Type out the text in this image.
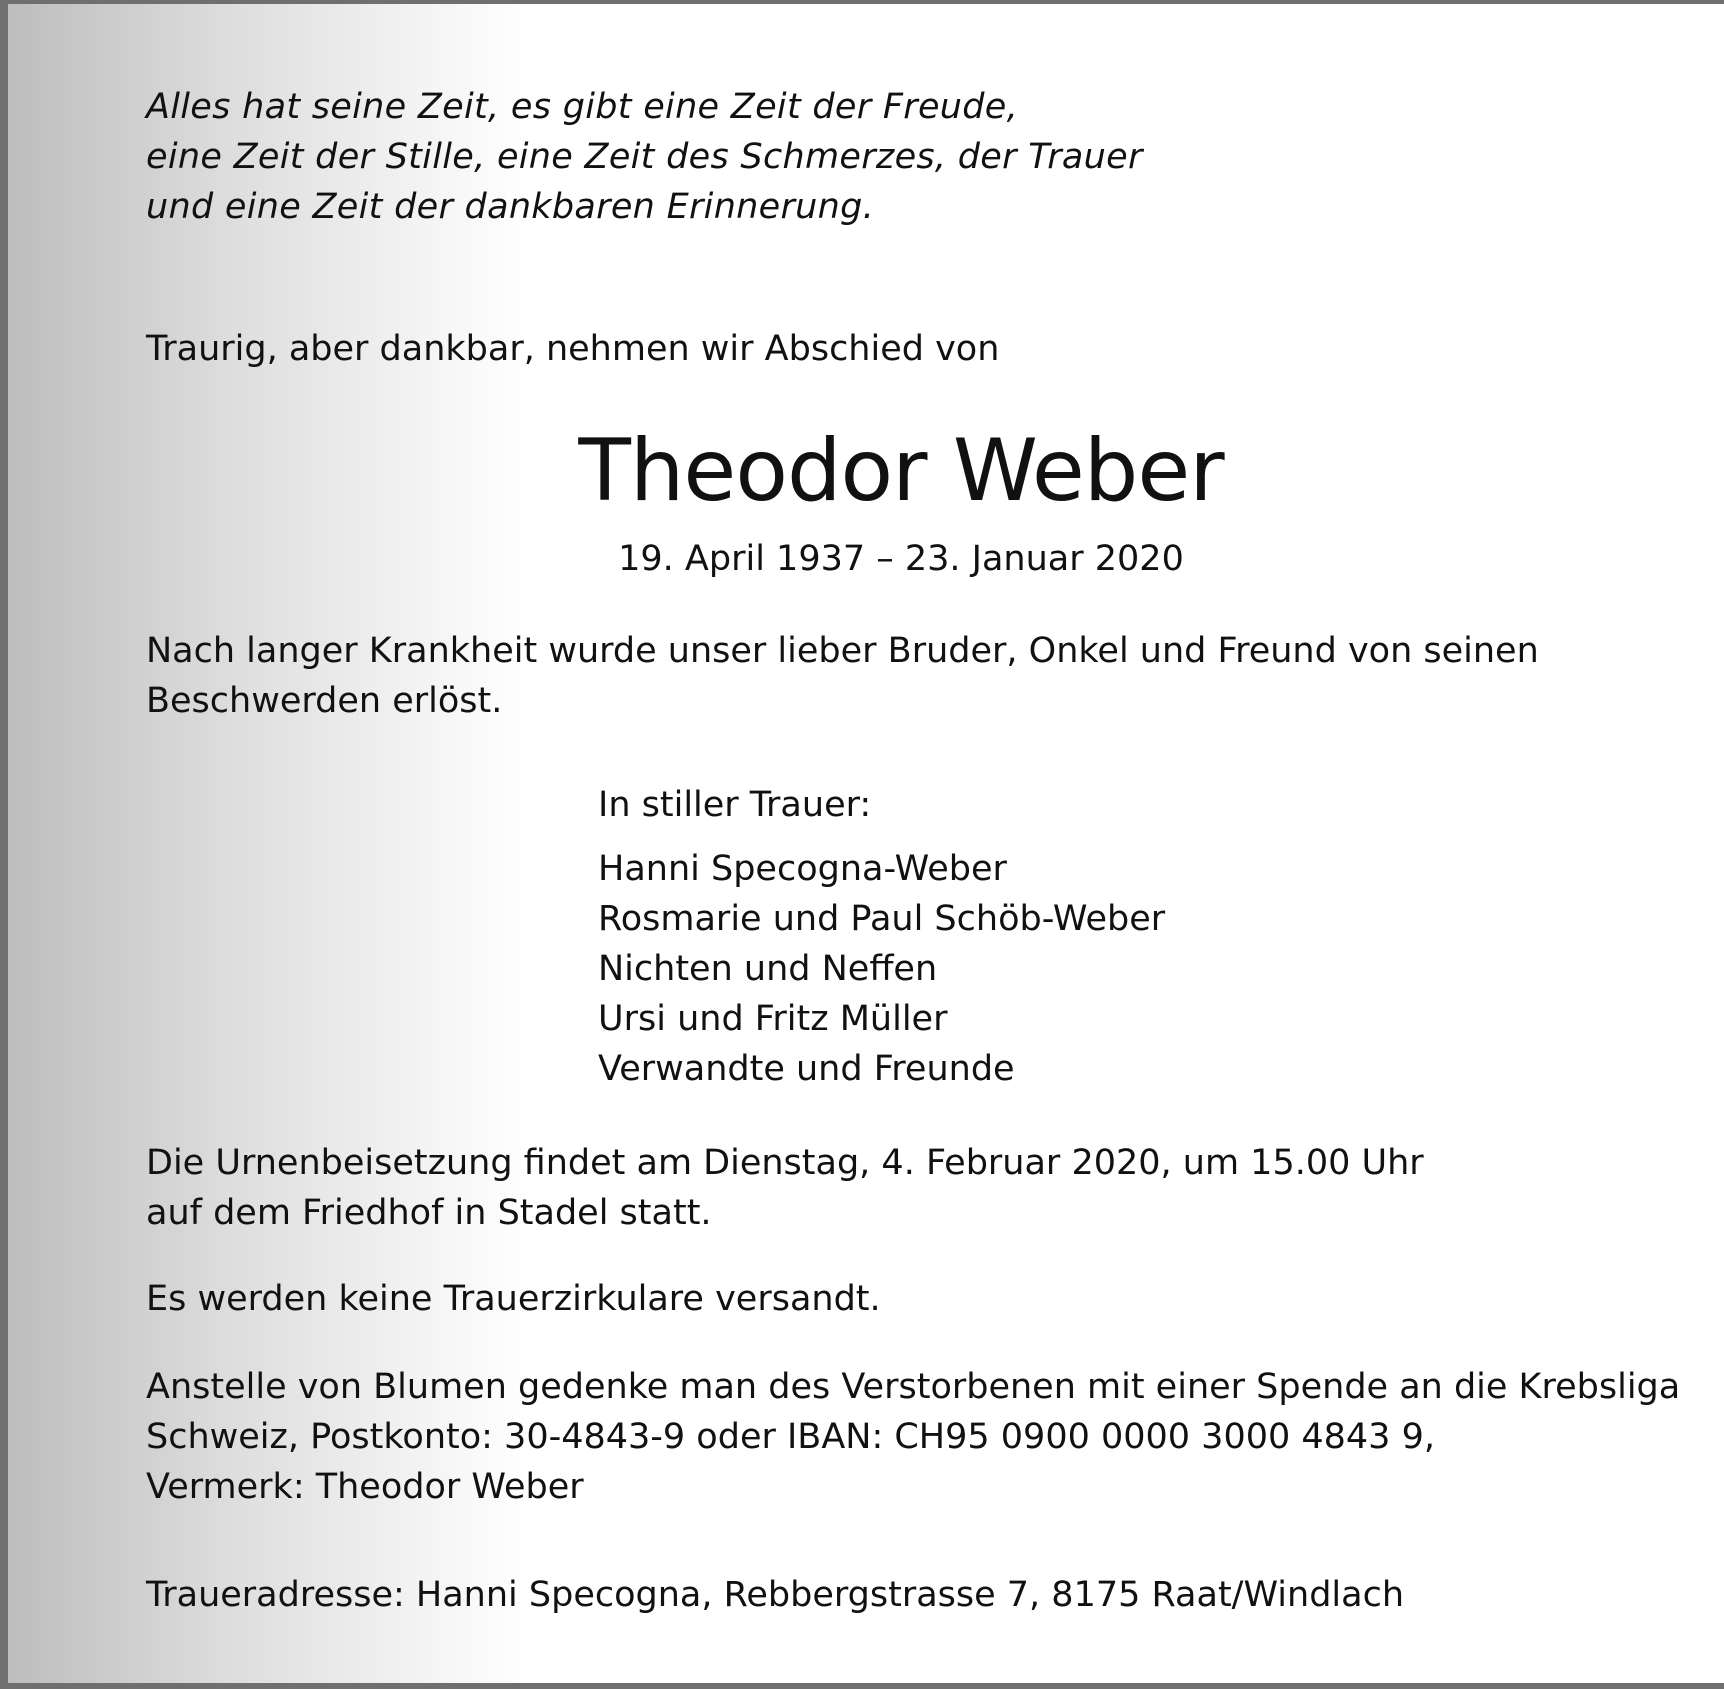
Alles hat seine Zeit, es gibt eine Zeit der Freude,
eine Zeit der Stille, eine Zeit des Schmerzes, der Trauer
und eine Zeit der dankbaren Erinnerung.

Traurig, aber dankbar, nehmen wir Abschied von

Theodor Weber

19. April 1937 – 23. Januar 2020

Nach langer Krankheit wurde unser lieber Bruder, Onkel und Freund von seinen
Beschwerden erlöst.

In stiller Trauer:

Hanni Specogna-Weber
Rosmarie und Paul Schöb-Weber
Nichten und Neffen
Ursi und Fritz Müller
Verwandte und Freunde

Die Urnenbeisetzung findet am Dienstag, 4. Februar 2020, um 15.00 Uhr
auf dem Friedhof in Stadel statt.

Es werden keine Trauerzirkulare versandt.

Anstelle von Blumen gedenke man des Verstorbenen mit einer Spende an die Krebsliga
Schweiz, Postkonto: 30-4843-9 oder IBAN: CH95 0900 0000 3000 4843 9,
Vermerk: Theodor Weber

Traueradresse: Hanni Specogna, Rebbergstrasse 7, 8175 Raat/Windlach
